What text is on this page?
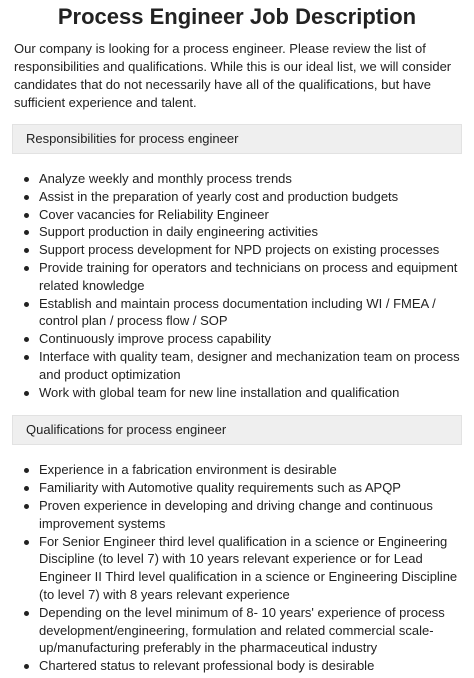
Process Engineer Job Description

Our company is looking for a process engineer. Please review the list of responsibilities and qualifications. While this is our ideal list, we will consider candidates that do not necessarily have all of the qualifications, but have sufficient experience and talent.

Responsibilities for process engineer
Analyze weekly and monthly process trends
Assist in the preparation of yearly cost and production budgets
Cover vacancies for Reliability Engineer
Support production in daily engineering activities
Support process development for NPD projects on existing processes
Provide training for operators and technicians on process and equipment related knowledge
Establish and maintain process documentation including WI / FMEA / control plan / process flow / SOP
Continuously improve process capability
Interface with quality team, designer and mechanization team on process and product optimization
Work with global team for new line installation and qualification
Qualifications for process engineer
Experience in a fabrication environment is desirable
Familiarity with Automotive quality requirements such as APQP
Proven experience in developing and driving change and continuous improvement systems
For Senior Engineer third level qualification in a science or Engineering Discipline (to level 7) with 10 years relevant experience or for Lead Engineer II Third level qualification in a science or Engineering Discipline (to level 7) with 8 years relevant experience
Depending on the level minimum of 8- 10 years' experience of process development/engineering, formulation and related commercial scale-up/manufacturing preferably in the pharmaceutical industry
Chartered status to relevant professional body is desirable
